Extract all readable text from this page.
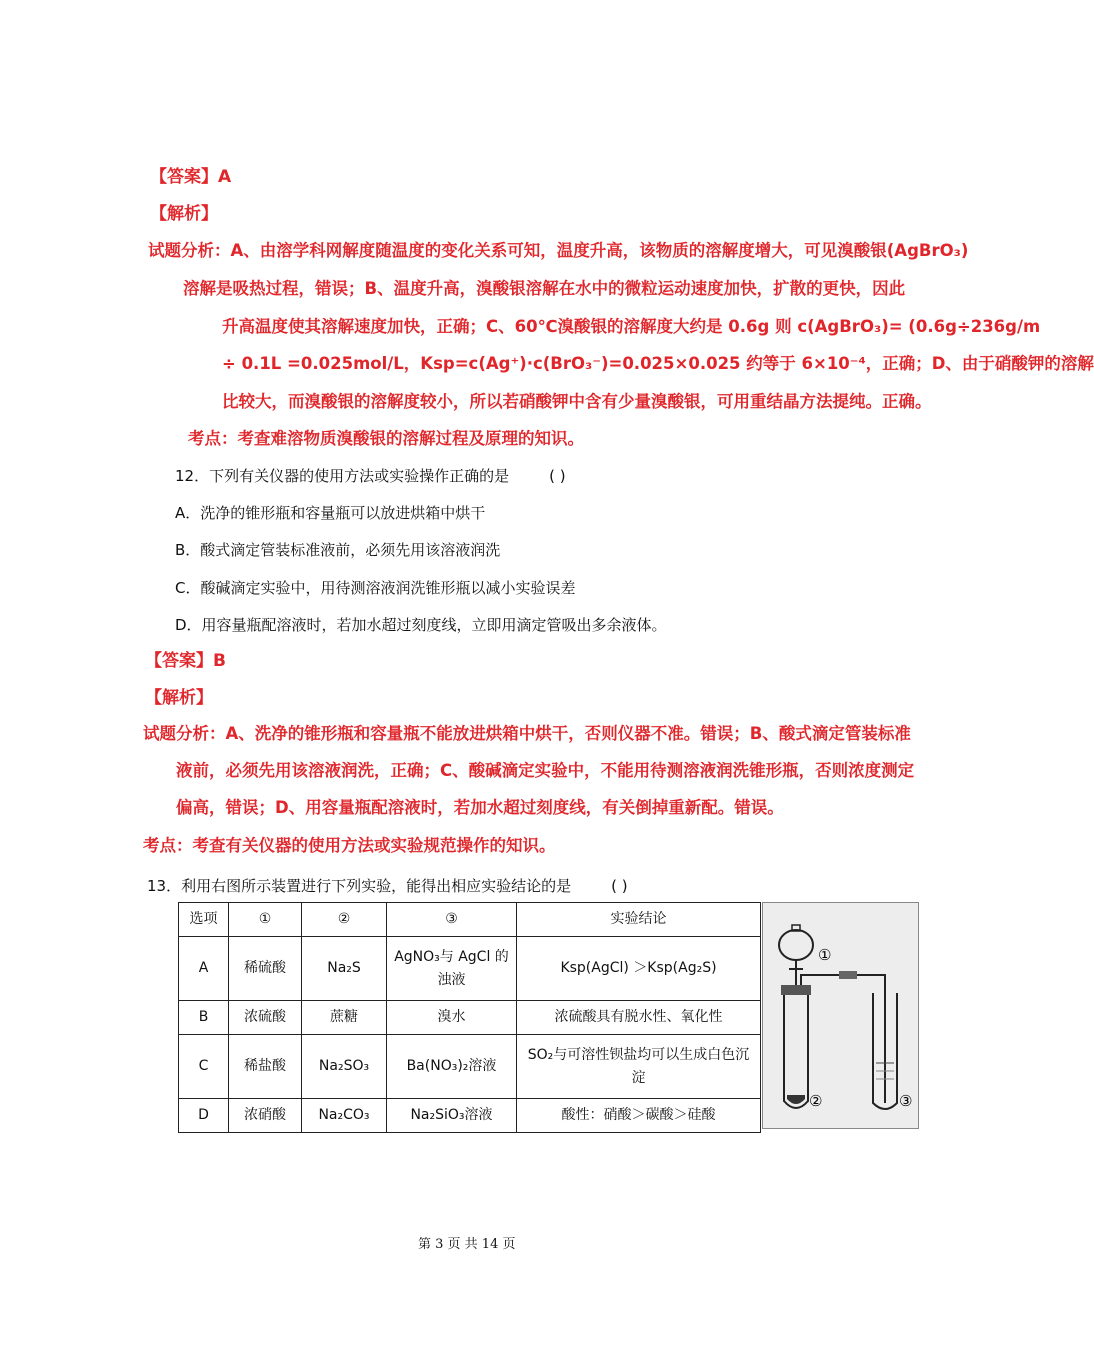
【答案】A
【解析】
试题分析：A、由溶学科网解度随温度的变化关系可知，温度升高，该物质的溶解度增大，可见溴酸银(AgBrO₃)
溶解是吸热过程，错误；B、温度升高，溴酸银溶解在水中的微粒运动速度加快，扩散的更快，因此
升高温度使其溶解速度加快，正确；C、60℃溴酸银的溶解度大约是 0.6g 则 c(AgBrO₃)= (0.6g÷236g/m
÷ 0.1L =0.025mol/L，Ksp=c(Ag⁺)·c(BrO₃⁻)=0.025×0.025 约等于 6×10⁻⁴，正确；D、由于硝酸钾的溶解
比较大，而溴酸银的溶解度较小，所以若硝酸钾中含有少量溴酸银，可用重结晶方法提纯。正确。
考点：考查难溶物质溴酸银的溶解过程及原理的知识。
12．下列有关仪器的使用方法或实验操作正确的是	( )
A．洗净的锥形瓶和容量瓶可以放进烘箱中烘干
B．酸式滴定管装标准液前，必须先用该溶液润洗
C．酸碱滴定实验中，用待测溶液润洗锥形瓶以减小实验误差
D．用容量瓶配溶液时，若加水超过刻度线，立即用滴定管吸出多余液体。
【答案】B
【解析】
试题分析：A、洗净的锥形瓶和容量瓶不能放进烘箱中烘干，否则仪器不准。错误；B、酸式滴定管装标准
液前，必须先用该溶液润洗，正确；C、酸碱滴定实验中，不能用待测溶液润洗锥形瓶，否则浓度测定
偏高，错误；D、用容量瓶配溶液时，若加水超过刻度线，有关倒掉重新配。错误。
考点：考查有关仪器的使用方法或实验规范操作的知识。
13．利用右图所示装置进行下列实验，能得出相应实验结论的是	( )
选项	①	②	③	实验结论
A	稀硫酸	Na₂S	AgNO₃与 AgCl 的浊液	Ksp(AgCl) ＞Ksp(Ag₂S)
B	浓硫酸	蔗糖	溴水	浓硫酸具有脱水性、氧化性
C	稀盐酸	Na₂SO₃	Ba(NO₃)₂溶液	SO₂与可溶性钡盐均可以生成白色沉淀
D	浓硝酸	Na₂CO₃	Na₂SiO₃溶液	酸性：硝酸＞碳酸＞硅酸
①
②	③
第 3 页 共 14 页
